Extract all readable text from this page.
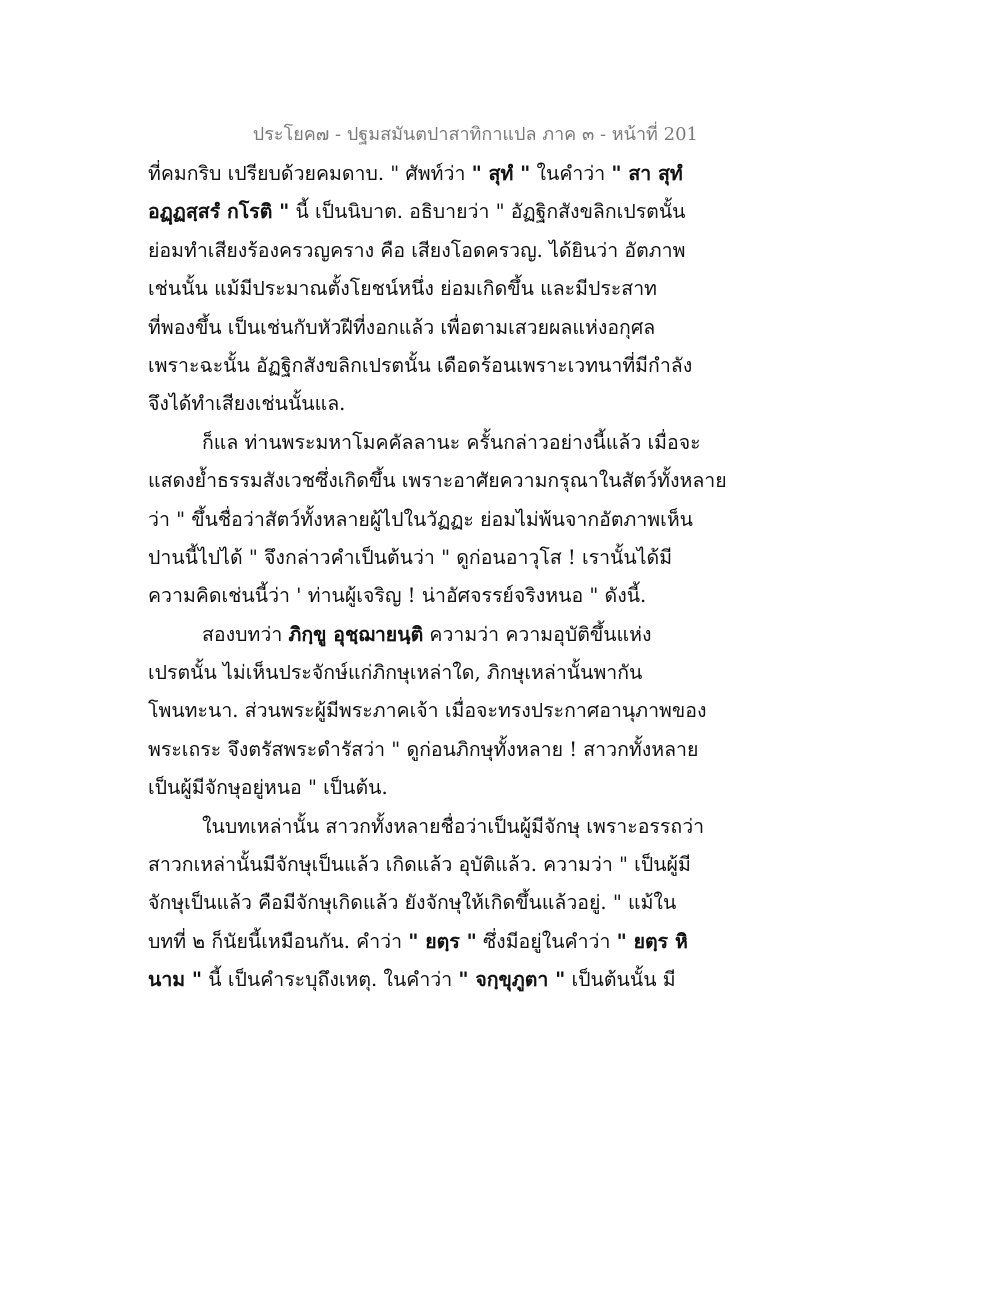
ประโยค๗ - ปฐมสมันตปาสาทิกาแปล ภาค ๓ - หน้าที่ 201
ที่คมกริบ เปรียบด้วยคมดาบ. " ศัพท์ว่า " สุทํ " ในคำว่า " สา สุทํ
อฏฺฏสฺสรํ กโรติ " นี้ เป็นนิบาต. อธิบายว่า " อัฏฐิกสังขลิกเปรตนั้น
ย่อมทำเสียงร้องครวญคราง คือ เสียงโอดครวญ. ได้ยินว่า อัตภาพ
เช่นนั้น แม้มีประมาณตั้งโยชน์หนึ่ง ย่อมเกิดขึ้น และมีประสาท
ที่พองขึ้น เป็นเช่นกับหัวฝีที่งอกแล้ว เพื่อตามเสวยผลแห่งอกุศล
เพราะฉะนั้น อัฏฐิกสังขลิกเปรตนั้น เดือดร้อนเพราะเวทนาที่มีกำลัง
จึงได้ทำเสียงเช่นนั้นแล.
ก็แล ท่านพระมหาโมคคัลลานะ ครั้นกล่าวอย่างนี้แล้ว เมื่อจะ
แสดงย้ำธรรมสังเวชซึ่งเกิดขึ้น เพราะอาศัยความกรุณาในสัตว์ทั้งหลาย
ว่า " ขึ้นชื่อว่าสัตว์ทั้งหลายผู้ไปในวัฏฏะ ย่อมไม่พ้นจากอัตภาพเห็น
ปานนี้ไปได้ " จึงกล่าวคำเป็นต้นว่า " ดูก่อนอาวุโส ! เรานั้นได้มี
ความคิดเช่นนี้ว่า ' ท่านผู้เจริญ ! น่าอัศจรรย์จริงหนอ " ดังนี้.
สองบทว่า ภิกฺขู อุชฺฌายนฺติ ความว่า ความอุบัติขึ้นแห่ง
เปรตนั้น ไม่เห็นประจักษ์แก่ภิกษุเหล่าใด, ภิกษุเหล่านั้นพากัน
โพนทะนา. ส่วนพระผู้มีพระภาคเจ้า เมื่อจะทรงประกาศอานุภาพของ
พระเถระ จึงตรัสพระดำรัสว่า " ดูก่อนภิกษุทั้งหลาย ! สาวกทั้งหลาย
เป็นผู้มีจักษุอยู่หนอ " เป็นต้น.
ในบทเหล่านั้น สาวกทั้งหลายชื่อว่าเป็นผู้มีจักษุ เพราะอรรถว่า
สาวกเหล่านั้นมีจักษุเป็นแล้ว เกิดแล้ว อุบัติแล้ว. ความว่า " เป็นผู้มี
จักษุเป็นแล้ว คือมีจักษุเกิดแล้ว ยังจักษุให้เกิดขึ้นแล้วอยู่. " แม้ใน
บทที่ ๒ ก็นัยนี้เหมือนกัน. คำว่า " ยตฺร " ซึ่งมีอยู่ในคำว่า " ยตฺร หิ
นาม " นี้ เป็นคำระบุถึงเหตุ. ในคำว่า " จกฺขุภูตา " เป็นต้นนั้น มี
